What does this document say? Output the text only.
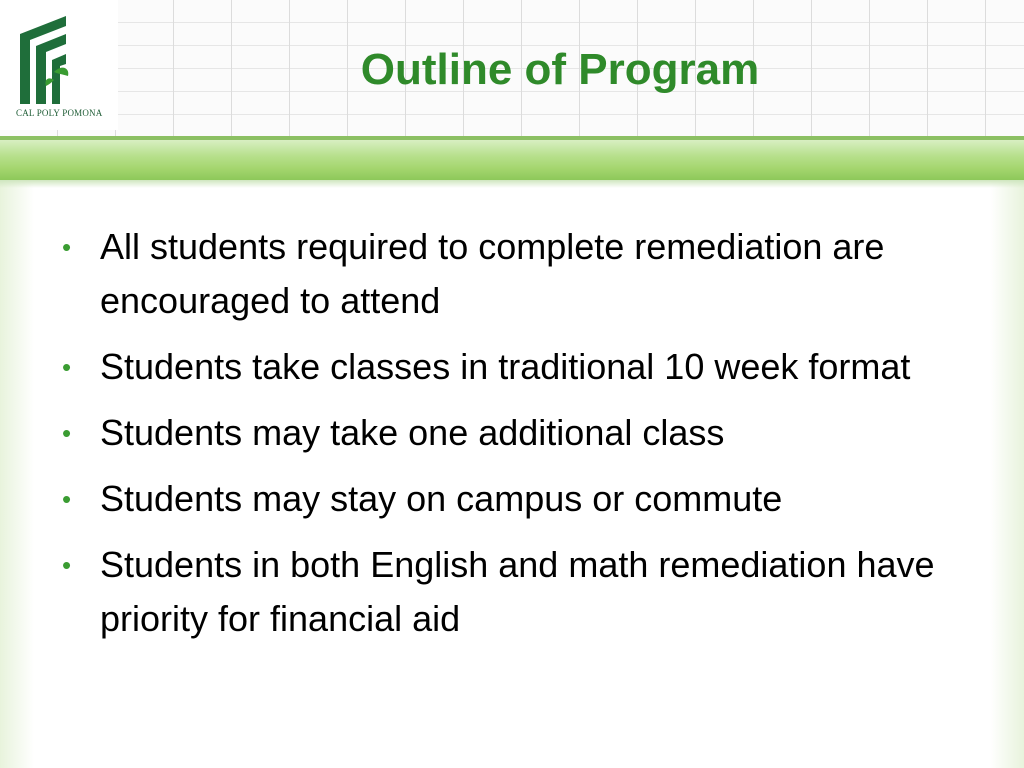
CAL POLY POMONA
Outline of Program
• All students required to complete remediation are encouraged to attend
• Students take classes in traditional 10 week format
• Students may take one additional class
• Students may stay on campus or commute
• Students in both English and math remediation have priority for financial aid
